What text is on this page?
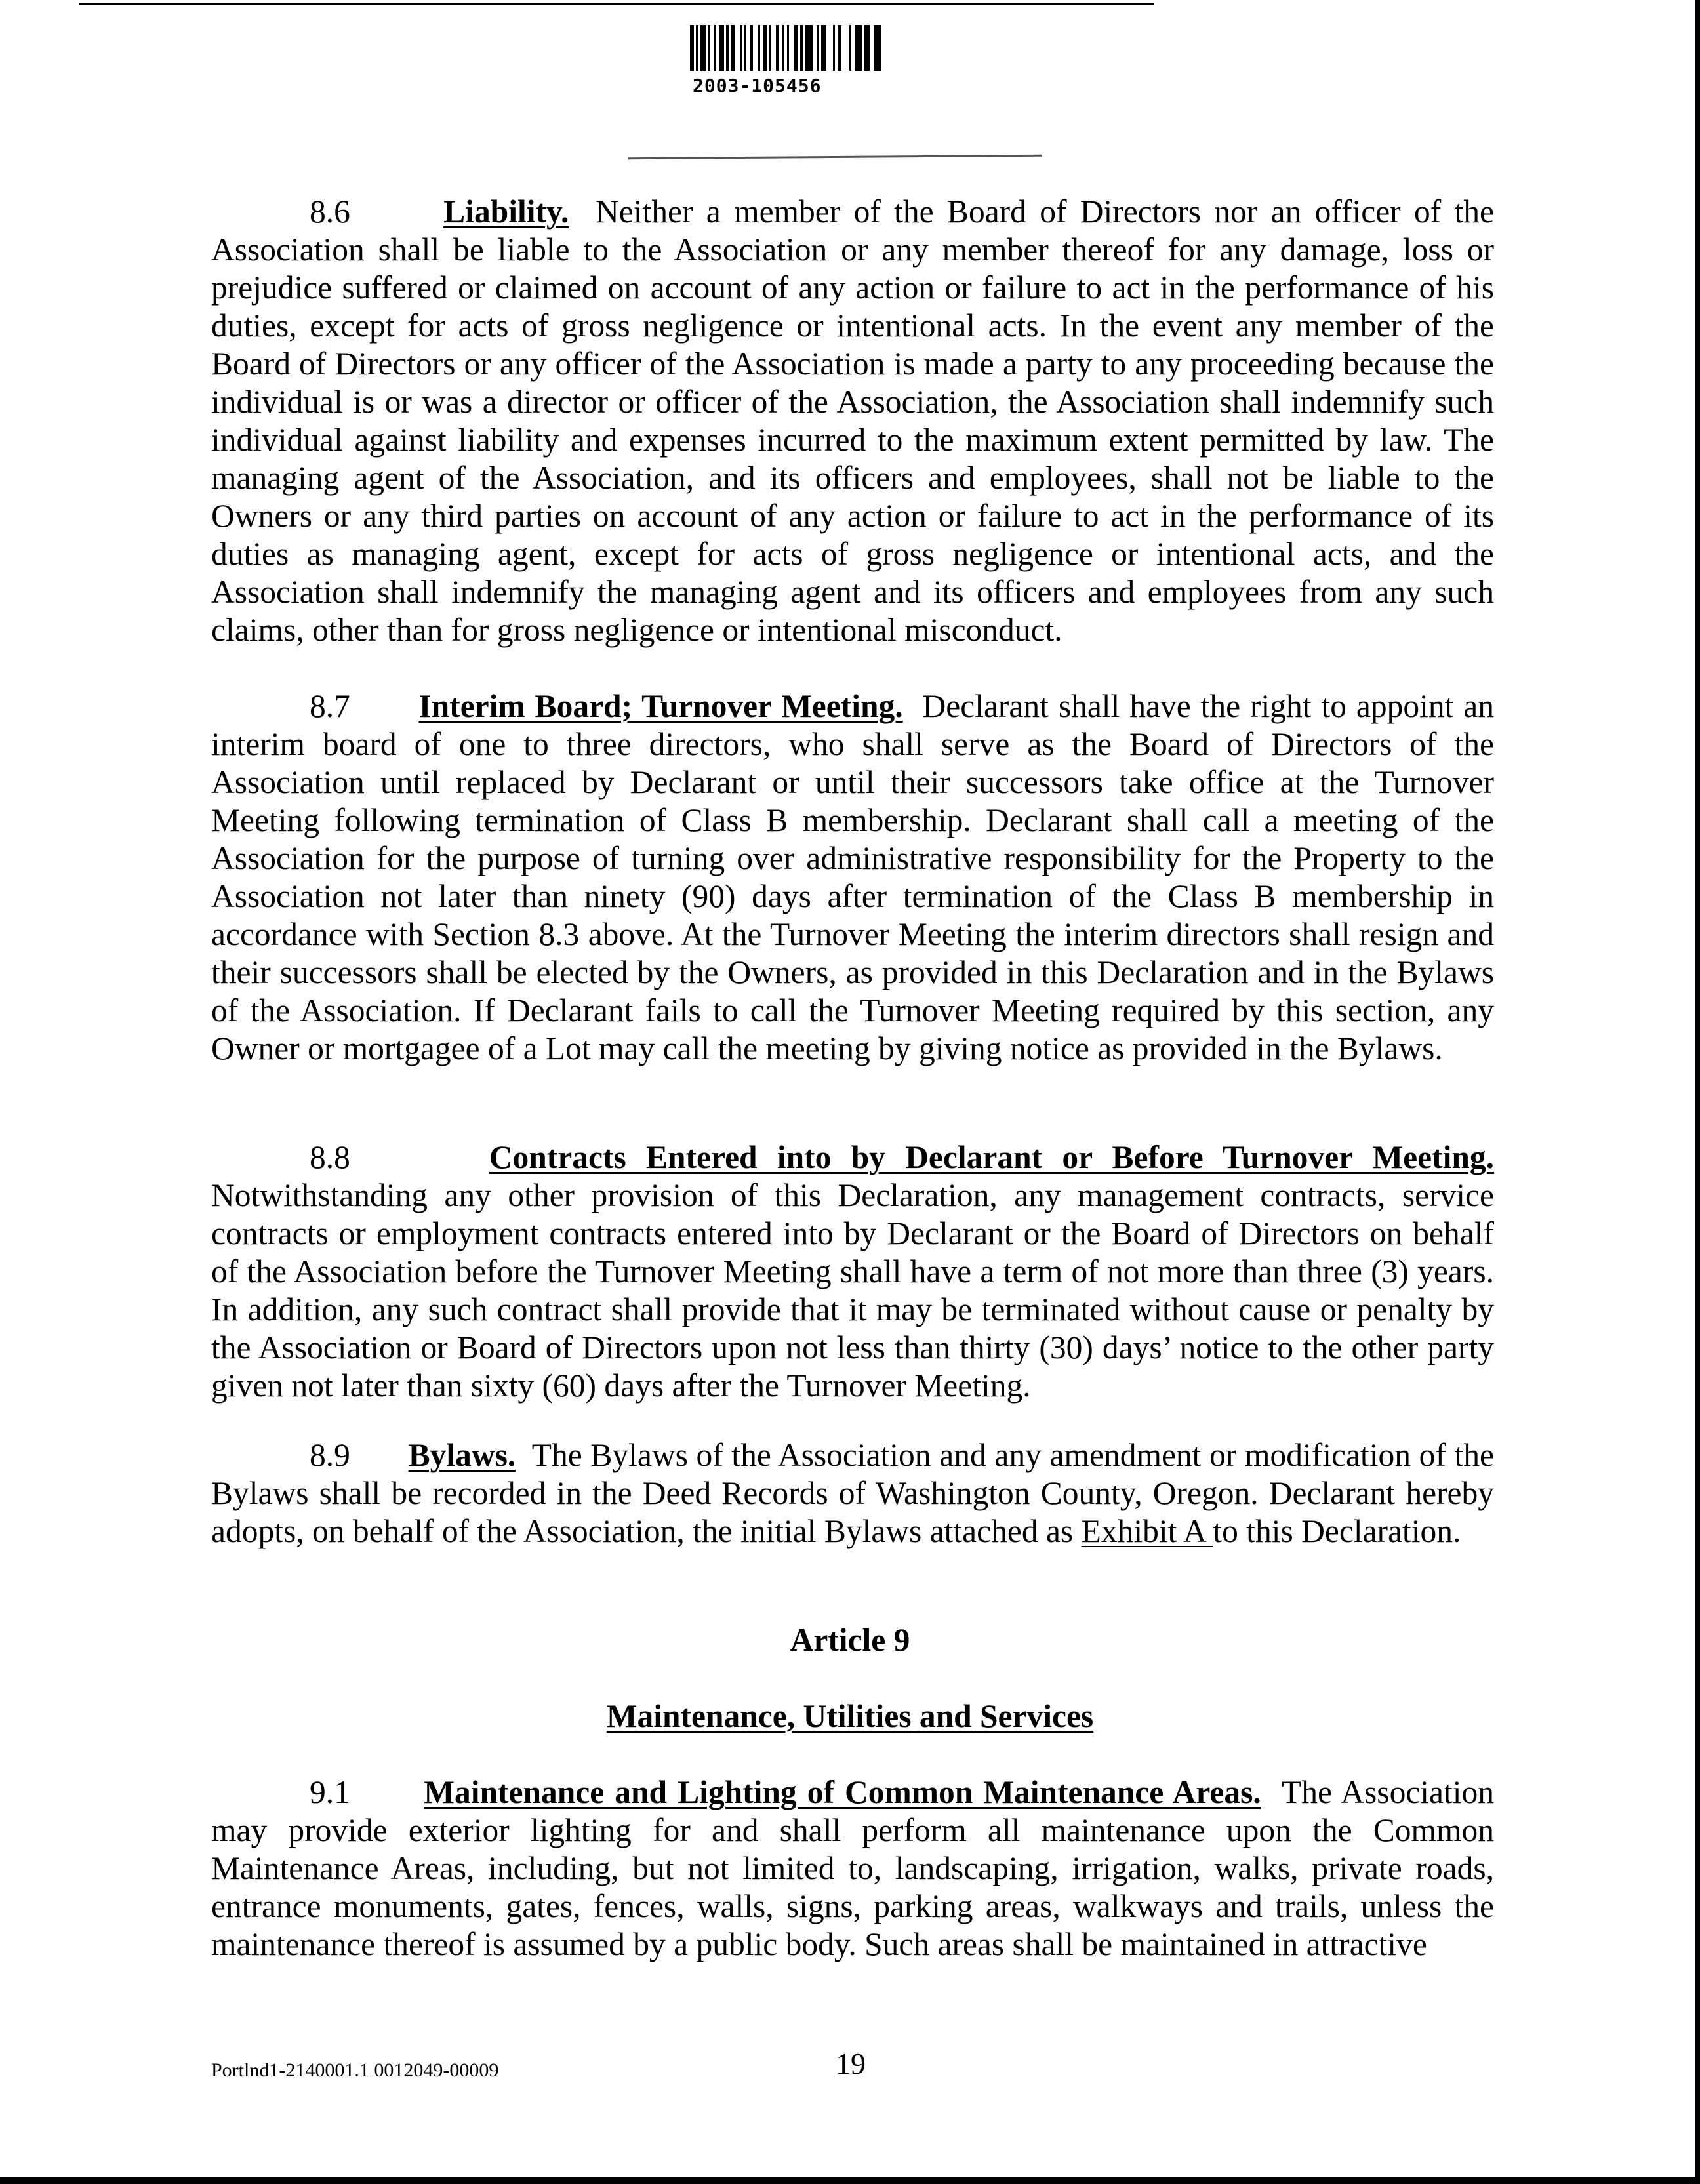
2003-105456

8.6	Liability. Neither a member of the Board of Directors nor an officer of the Association shall be liable to the Association or any member thereof for any damage, loss or prejudice suffered or claimed on account of any action or failure to act in the performance of his duties, except for acts of gross negligence or intentional acts. In the event any member of the Board of Directors or any officer of the Association is made a party to any proceeding because the individual is or was a director or officer of the Association, the Association shall indemnify such individual against liability and expenses incurred to the maximum extent permitted by law. The managing agent of the Association, and its officers and employees, shall not be liable to the Owners or any third parties on account of any action or failure to act in the performance of its duties as managing agent, except for acts of gross negligence or intentional acts, and the Association shall indemnify the managing agent and its officers and employees from any such claims, other than for gross negligence or intentional misconduct.

8.7 Interim Board; Turnover Meeting. Declarant shall have the right to appoint an interim board of one to three directors, who shall serve as the Board of Directors of the Association until replaced by Declarant or until their successors take office at the Turnover Meeting following termination of Class B membership. Declarant shall call a meeting of the Association for the purpose of turning over administrative responsibility for the Property to the Association not later than ninety (90) days after termination of the Class B membership in accordance with Section 8.3 above. At the Turnover Meeting the interim directors shall resign and their successors shall be elected by the Owners, as provided in this Declaration and in the Bylaws of the Association. If Declarant fails to call the Turnover Meeting required by this section, any Owner or mortgagee of a Lot may call the meeting by giving notice as provided in the Bylaws.

8.8	Contracts Entered into by Declarant or Before Turnover Meeting. Notwithstanding any other provision of this Declaration, any management contracts, service contracts or employment contracts entered into by Declarant or the Board of Directors on behalf of the Association before the Turnover Meeting shall have a term of not more than three (3) years. In addition, any such contract shall provide that it may be terminated without cause or penalty by the Association or Board of Directors upon not less than thirty (30) days’ notice to the other party given not later than sixty (60) days after the Turnover Meeting.

8.9 Bylaws. The Bylaws of the Association and any amendment or modification of the Bylaws shall be recorded in the Deed Records of Washington County, Oregon. Declarant hereby adopts, on behalf of the Association, the initial Bylaws attached as Exhibit A to this Declaration.

Article 9
Maintenance, Utilities and Services

9.1 Maintenance and Lighting of Common Maintenance Areas. The Association may provide exterior lighting for and shall perform all maintenance upon the Common Maintenance Areas, including, but not limited to, landscaping, irrigation, walks, private roads, entrance monuments, gates, fences, walls, signs, parking areas, walkways and trails, unless the maintenance thereof is assumed by a public body. Such areas shall be maintained in attractive

Portlnd1-2140001.1 0012049-00009	19
